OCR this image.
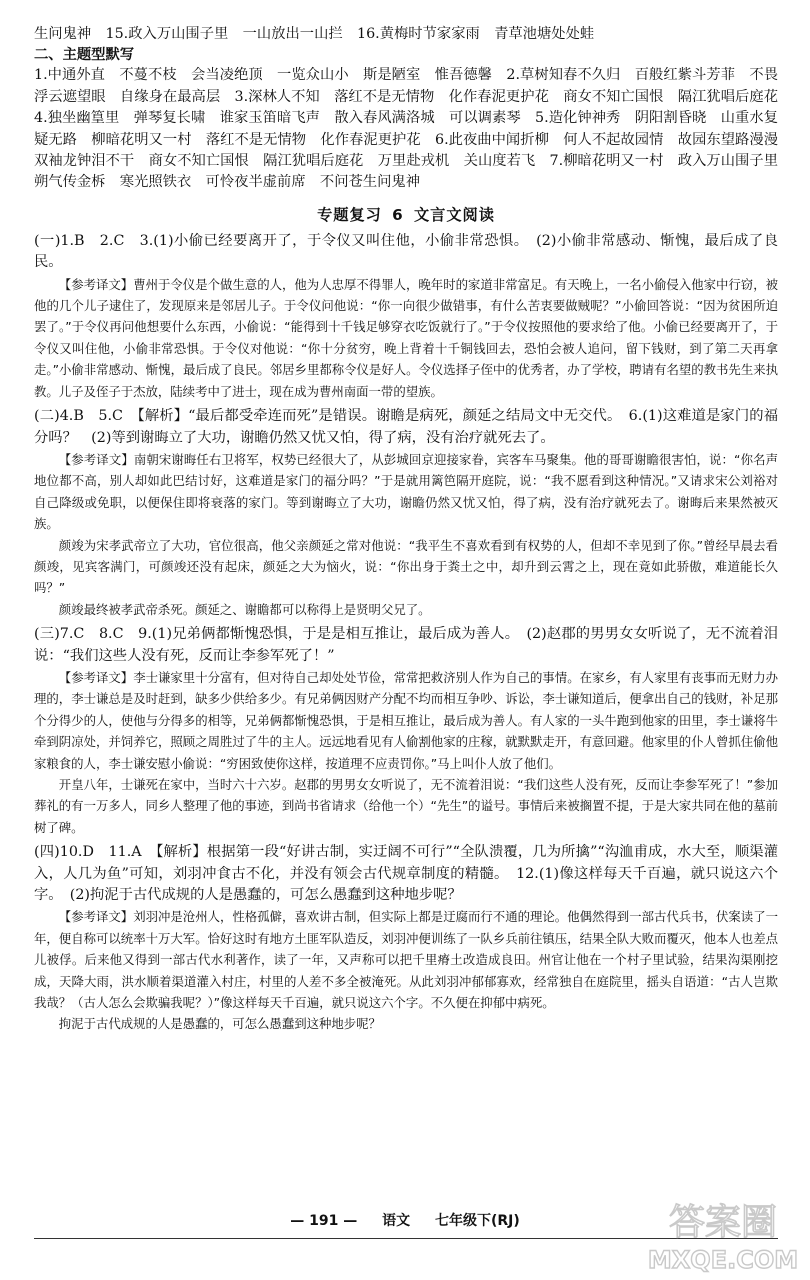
生问鬼神　15.政入万山围子里　一山放出一山拦　16.黄梅时节家家雨　青草池塘处处蛙

二、主题型默写

1.中通外直　不蔓不枝　会当凌绝顶　一览众山小　斯是陋室　惟吾德馨　2.草树知春不久归　百般红紫斗芳菲　不畏浮云遮望眼　自缘身在最高层　3.深林人不知　落红不是无情物　化作春泥更护花　商女不知亡国恨　隔江犹唱后庭花　4.独坐幽篁里　弹琴复长啸　谁家玉笛暗飞声　散入春风满洛城　可以调素琴　5.造化钟神秀　阴阳割昏晓　山重水复疑无路　柳暗花明又一村　落红不是无情物　化作春泥更护花　6.此夜曲中闻折柳　何人不起故园情　故园东望路漫漫　双袖龙钟泪不干　商女不知亡国恨　隔江犹唱后庭花　万里赴戎机　关山度若飞　7.柳暗花明又一村　政入万山围子里　朔气传金柝　寒光照铁衣　可怜夜半虚前席　不问苍生问鬼神

专题复习 6 文言文阅读

(一)1.B　2.C　3.(1)小偷已经要离开了，于令仪又叫住他，小偷非常恐惧。　(2)小偷非常感动、惭愧，最后成了良民。

【参考译文】曹州于令仪是个做生意的人，他为人忠厚不得罪人，晚年时的家道非常富足。有天晚上，一名小偷侵入他家中行窃，被他的几个儿子逮住了，发现原来是邻居儿子。于令仪问他说：“你一向很少做错事，有什么苦衷要做贼呢？”小偷回答说：“因为贫困所迫罢了。”于令仪再问他想要什么东西，小偷说：“能得到十千钱足够穿衣吃饭就行了。”于令仪按照他的要求给了他。小偷已经要离开了，于令仪又叫住他，小偷非常恐惧。于令仪对他说：“你十分贫穷，晚上背着十千铜钱回去，恐怕会被人追问，留下钱财，到了第二天再拿走。”小偷非常感动、惭愧，最后成了良民。邻居乡里都称令仪是好人。令仪选择子侄中的优秀者，办了学校，聘请有名望的教书先生来执教。儿子及侄子于杰放，陆续考中了进士，现在成为曹州南面一带的望族。

(二)4.B　5.C　【解析】“最后都受牵连而死”是错误。谢瞻是病死，颜延之结局文中无交代。　6.(1)这难道是家门的福分吗？　(2)等到谢晦立了大功，谢瞻仍然又忧又怕，得了病，没有治疗就死去了。

【参考译文】南朝宋谢晦任右卫将军，权势已经很大了，从彭城回京迎接家眷，宾客车马聚集。他的哥哥谢瞻很害怕，说：“你名声地位都不高，别人却如此巴结讨好，这难道是家门的福分吗？”于是就用篱笆隔开庭院，说：“我不愿看到这种情况。”又请求宋公刘裕对自己降级或免职，以便保住即将衰落的家门。等到谢晦立了大功，谢瞻仍然又忧又怕，得了病，没有治疗就死去了。谢晦后来果然被灭族。

颜竣为宋孝武帝立了大功，官位很高，他父亲颜延之常对他说：“我平生不喜欢看到有权势的人，但却不幸见到了你。”曾经早晨去看颜竣，见宾客满门，可颜竣还没有起床，颜延之大为恼火，说：“你出身于粪土之中，却升到云霄之上，现在竟如此骄傲，难道能长久吗？”

颜竣最终被孝武帝杀死。颜延之、谢瞻都可以称得上是贤明父兄了。

(三)7.C　8.C　9.(1)兄弟俩都惭愧恐惧，于是是相互推让，最后成为善人。　(2)赵郡的男男女女听说了，无不流着泪说：“我们这些人没有死，反而让李参军死了！”

【参考译文】李士谦家里十分富有，但对待自己却处处节俭，常常把救济别人作为自己的事情。在家乡，有人家里有丧事而无财力办理的，李士谦总是及时赶到，缺多少供给多少。有兄弟俩因财产分配不均而相互争吵、诉讼，李士谦知道后，便拿出自己的钱财，补足那个分得少的人，使他与分得多的相等，兄弟俩都惭愧恐惧，于是相互推让，最后成为善人。有人家的一头牛跑到他家的田里，李士谦将牛牵到阴凉处，并饲养它，照顾之周胜过了牛的主人。远远地看见有人偷割他家的庄稼，就默默走开，有意回避。他家里的仆人曾抓住偷他家粮食的人，李士谦安慰小偷说：“穷困致使你这样，按道理不应责罚你。”马上叫仆人放了他们。

开皇八年，士谦死在家中，当时六十六岁。赵郡的男男女女听说了，无不流着泪说：“我们这些人没有死，反而让李参军死了！”参加葬礼的有一万多人，同乡人整理了他的事迹，到尚书省请求（给他一个）“先生”的谥号。事情后来被搁置不提，于是大家共同在他的墓前树了碑。

(四)10.D　11.A　【解析】根据第一段“好讲古制，实迂阔不可行”“全队溃覆，几为所擒”“沟洫甫成，水大至，顺渠灌入，人几为鱼”可知，刘羽冲食古不化，并没有领会古代规章制度的精髓。　12.(1)像这样每天千百遍，就只说这六个字。　(2)拘泥于古代成规的人是愚蠢的，可怎么愚蠢到这种地步呢？

【参考译文】刘羽冲是沧州人，性格孤僻，喜欢讲古制，但实际上都是迂腐而行不通的理论。他偶然得到一部古代兵书，伏案读了一年，便自称可以统率十万大军。恰好这时有地方土匪军队造反，刘羽冲便训练了一队乡兵前往镇压，结果全队大败而覆灭，他本人也差点儿被俘。后来他又得到一部古代水利著作，读了一年，又声称可以把千里瘠土改造成良田。州官让他在一个村子里试验，结果沟渠刚挖成，天降大雨，洪水顺着渠道灌入村庄，村里的人差不多全被淹死。从此刘羽冲郁郁寡欢，经常独自在庭院里，摇头自语道：“古人岂欺我哉？（古人怎么会欺骗我呢？）”像这样每天千百遍，就只说这六个字。不久便在抑郁中病死。

拘泥于古代成规的人是愚蠢的，可怎么愚蠢到这种地步呢？

— 191 — 语文 七年级下(RJ)	答案圈
MXQE.COM
